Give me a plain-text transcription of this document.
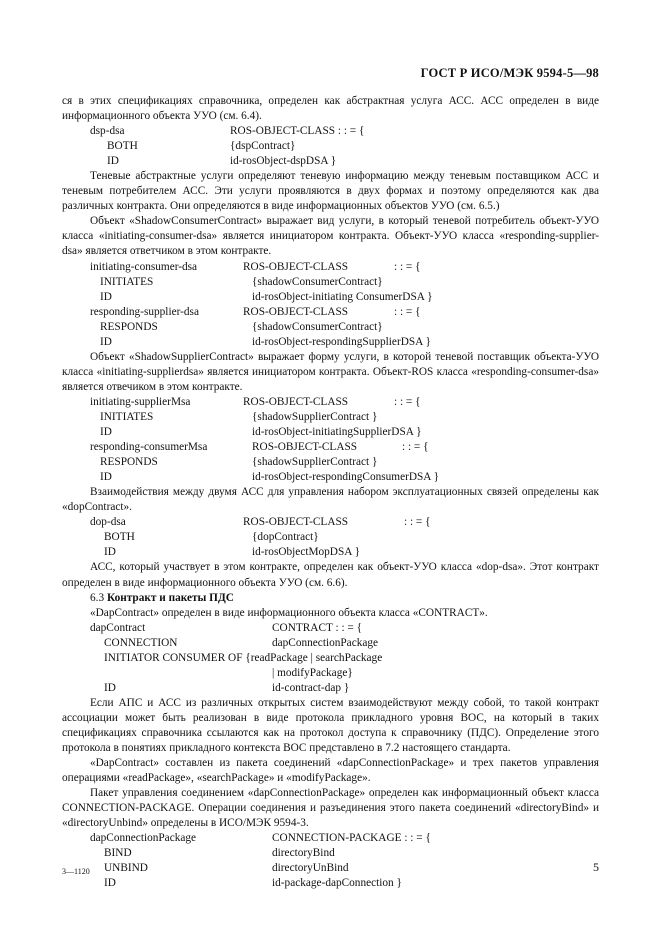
ГОСТ Р ИСО/МЭК 9594-5—98
ся в этих спецификациях справочника, определен как абстрактная услуга АСС. АСС определен в виде информационного объекта УУО (см. 6.4).
dsp-dsa	ROS-OBJECT-CLASS : : = {
BOTH	{dspContract}
ID	id-rosObject-dspDSA }
Теневые абстрактные услуги определяют теневую информацию между теневым поставщиком АСС и теневым потребителем АСС. Эти услуги проявляются в двух формах и поэтому определяются как два различных контракта. Они определяются в виде информационных объектов УУО (см. 6.5.)
Объект «ShadowConsumerContract» выражает вид услуги, в который теневой потребитель объект-УУО класса «initiating-consumer-dsa» является инициатором контракта. Объект-УУО класса «responding-supplier-dsa» является ответчиком в этом контракте.
initiating-consumer-dsa	ROS-OBJECT-CLASS	: : = {
INITIATES	{shadowConsumerContract}
ID	id-rosObject-initiating ConsumerDSA }
responding-supplier-dsa	ROS-OBJECT-CLASS	: : = {
RESPONDS	{shadowConsumerContract}
ID	id-rosObject-respondingSupplierDSA }
Объект «ShadowSupplierContract» выражает форму услуги, в которой теневой поставщик объекта-УУО класса «initiating-supplierdsa» является инициатором контракта. Объект-ROS класса «responding-consumer-dsa» является отвечиком в этом контракте.
initiating-supplierMsa	ROS-OBJECT-CLASS	: : = {
INITIATES	{shadowSupplierContract }
ID	id-rosObject-initiatingSupplierDSA }
responding-consumerMsa	ROS-OBJECT-CLASS	: : = {
RESPONDS	{shadowSupplierContract }
ID	id-rosObject-respondingConsumerDSA }
Взаимодействия между двумя АСС для управления набором эксплуатационных связей определены как «dopContract».
dop-dsa	ROS-OBJECT-CLASS	: : = {
BOTH	{dopContract}
ID	id-rosObjectMopDSA }
АСС, который участвует в этом контракте, определен как объект-УУО класса «dop-dsa». Этот контракт определен в виде информационного объекта УУО (см. 6.6).
6.3 Контракт и пакеты ПДС
«DapContract» определен в виде информационного объекта класса «CONTRACT».
dapContract	CONTRACT : : = {
CONNECTION	dapConnectionPackage
INITIATOR CONSUMER OF {readPackage | searchPackage
| modifyPackage}
ID	id-contract-dap }
Если АПС и АСС из различных открытых систем взаимодействуют между собой, то такой контракт ассоциации может быть реализован в виде протокола прикладного уровня ВОС, на который в таких спецификациях справочника ссылаются как на протокол доступа к справочнику (ПДС). Определение этого протокола в понятиях прикладного контекста ВОС представлено в 7.2 настоящего стандарта.
«DapContract» составлен из пакета соединений «dapConnectionPackage» и трех пакетов управления операциями «readPackage», «searchPackage» и «modifyPackage».
Пакет управления соединением «dapConnectionPackage» определен как информационный объект класса CONNECTION-PACKAGE. Операции соединения и разъединения этого пакета соединений «directoryBind» и «directoryUnbind» определены в ИСО/МЭК 9594-3.
dapConnectionPackage	CONNECTION-PACKAGE : : = {
BIND	directoryBind
UNBIND	directoryUnBind
ID	id-package-dapConnection }
3—1120	5
